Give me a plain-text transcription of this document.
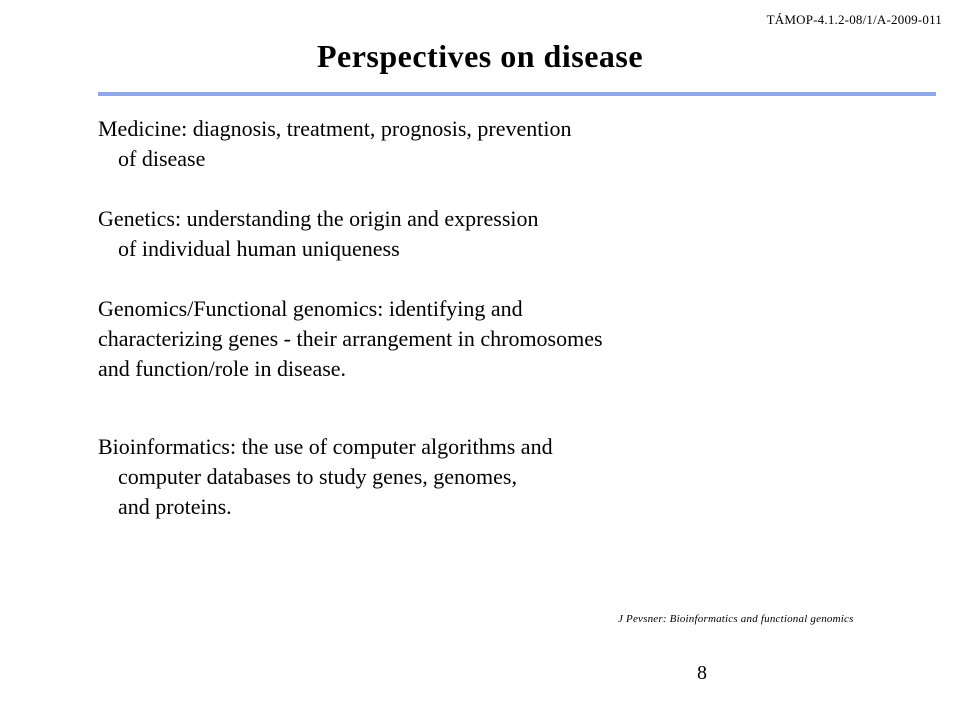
TÁMOP-4.1.2-08/1/A-2009-011
Perspectives on disease

Medicine: diagnosis, treatment, prognosis, prevention
of disease

Genetics: understanding the origin and expression
of individual human uniqueness

Genomics/Functional genomics: identifying and
characterizing genes - their arrangement in chromosomes
and function/role in disease.

Bioinformatics: the use of computer algorithms and
computer databases to study genes, genomes,
and proteins.

J Pevsner: Bioinformatics and functional genomics
8
